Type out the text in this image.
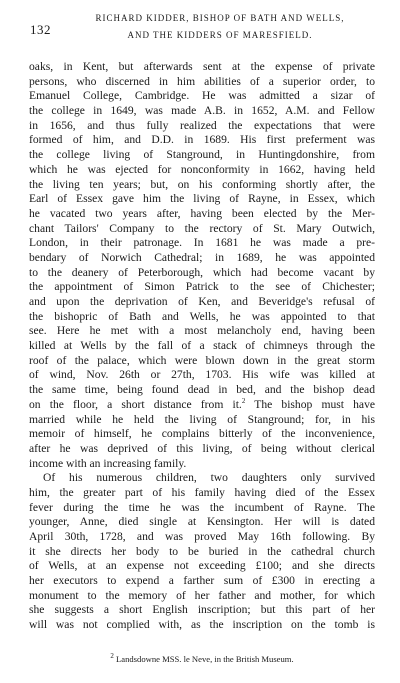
132
RICHARD KIDDER, BISHOP OF BATH AND WELLS,
AND THE KIDDERS OF MARESFIELD.
oaks, in Kent, but afterwards sent at the expense of private
persons, who discerned in him abilities of a superior order, to
Emanuel College, Cambridge. He was admitted a sizar of
the college in 1649, was made A.B. in 1652, A.M. and Fellow
in 1656, and thus fully realized the expectations that were
formed of him, and D.D. in 1689. His first preferment was
the college living of Stanground, in Huntingdonshire, from
which he was ejected for nonconformity in 1662, having held
the living ten years; but, on his conforming shortly after, the
Earl of Essex gave him the living of Rayne, in Essex, which
he vacated two years after, having been elected by the Mer-
chant Tailors' Company to the rectory of St. Mary Outwich,
London, in their patronage. In 1681 he was made a pre-
bendary of Norwich Cathedral; in 1689, he was appointed
to the deanery of Peterborough, which had become vacant by
the appointment of Simon Patrick to the see of Chichester;
and upon the deprivation of Ken, and Beveridge's refusal of
the bishopric of Bath and Wells, he was appointed to that
see. Here he met with a most melancholy end, having been
killed at Wells by the fall of a stack of chimneys through the
roof of the palace, which were blown down in the great storm
of wind, Nov. 26th or 27th, 1703. His wife was killed at
the same time, being found dead in bed, and the bishop dead
on the floor, a short distance from it.$^2$ The bishop must have
married while he held the living of Stanground; for, in his
memoir of himself, he complains bitterly of the inconvenience,
after he was deprived of this living, of being without clerical
income with an increasing family.
Of his numerous children, two daughters only survived
him, the greater part of his family having died of the Essex
fever during the time he was the incumbent of Rayne. The
younger, Anne, died single at Kensington. Her will is dated
April 30th, 1728, and was proved May 16th following. By
it she directs her body to be buried in the cathedral church
of Wells, at an expense not exceeding £100; and she directs
her executors to expend a farther sum of £300 in erecting a
monument to the memory of her father and mother, for which
she suggests a short English inscription; but this part of her
will was not complied with, as the inscription on the tomb is
$^2$ Landsdowne MSS. le Neve, in the British Museum.
